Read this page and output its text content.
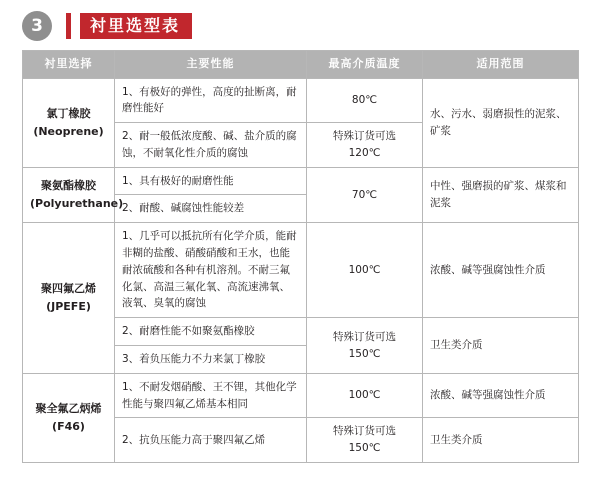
3	衬里选型表
衬里选择	主要性能	最高介质温度	适用范围

氯丁橡胶
(Neoprene)	1、有极好的弹性，高度的扯断离，耐磨性能好	80℃	水、污水、弱磨损性的泥浆、矿浆
	2、耐一般低浓度酸、碱、盐介质的腐蚀，不耐氧化性介质的腐蚀	特殊订货可选
120℃	

聚氨酯橡胶
(Polyurethane)	1、具有极好的耐磨性能	70℃	中性、强磨损的矿浆、煤浆和泥浆
	2、耐酸、碱腐蚀性能较差		

聚四氟乙烯
(JPEFE)	1、几乎可以抵抗所有化学介质，能耐非糊的盐酸、硝酸硝酸和王水，也能耐浓硫酸和各种有机溶剂。不耐三氟化氯、高温三氟化氧、高流速沸氧、液氧、臭氧的腐蚀	100℃	浓酸、碱等强腐蚀性介质
	2、耐磨性能不如聚氨酯橡胶	特殊订货可选
150℃	卫生类介质
	3、着负压能力不力来氯丁橡胶		

聚全氟乙炳烯
(F46)	1、不耐发烟硝酸、王不锂，其他化学性能与聚四氟乙烯基本相同	100℃	浓酸、碱等强腐蚀性介质
	2、抗负压能力高于聚四氟乙烯	特殊订货可选
150℃	卫生类介质
